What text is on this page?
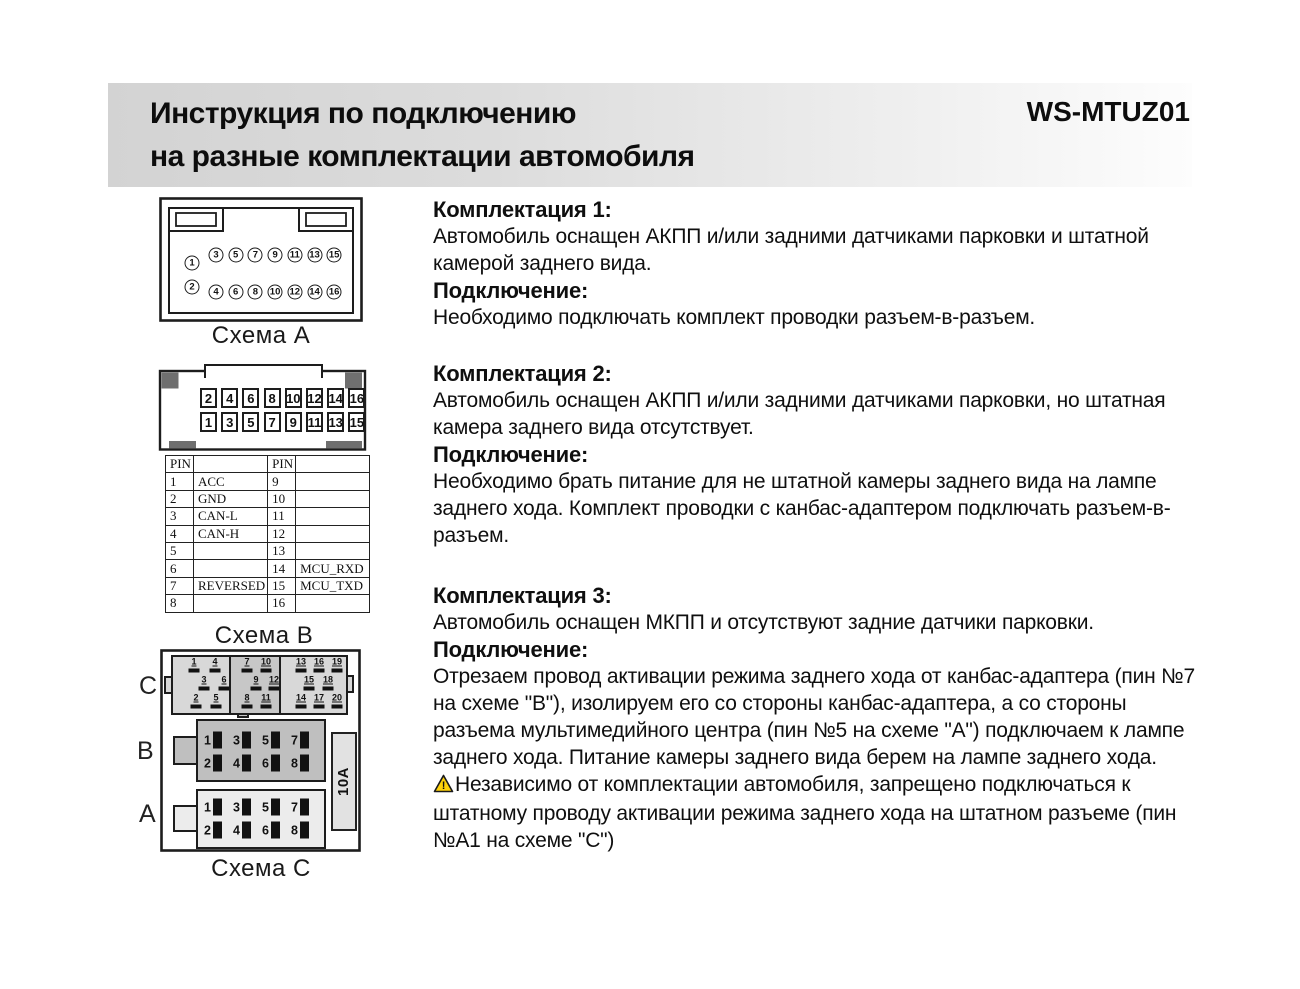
Инструкция по подключению
на разные комплектации автомобиля
WS-MTUZ01
1
2
3	5	7	9	11 13 15
4	6	8	10 12 14 16
Схема A
2	4	6	8 10 12 14 16
1	3	5	7	9 11 13 15
PIN		PIN	
1	ACC	9	
2	GND	10	
3	CAN-L	11	
4	CAN-H	12	
5		13	
6		14	MCU_RXD
7	REVERSED	15	MCU_TXD
8		16	
Схема B
C
B
A
10A
1 4
3 6
2 5
7 10
9 12
8 11
13 16 19
15 18
14 17 20
1 3 5 7
2 4 6 8
1 3 5 7
2 4 6 8
Схема C
Комплектация 1:

Автомобиль оснащен АКПП и/или задними датчиками парковки и штатной камерой заднего вида.

Подключение:

Необходимо подключать комплект проводки разъем-в-разъем.

Комплектация 2:

Автомобиль оснащен АКПП и/или задними датчиками парковки, но штатная камера заднего вида отсутствует.

Подключение:

Необходимо брать питание для не штатной камеры заднего вида на лампе заднего хода. Комплект проводки с канбас-адаптером подключать разъем-в-разъем.

Комплектация 3:

Автомобиль оснащен МКПП и отсутствуют задние датчики парковки.

Подключение:

Отрезаем провод активации режима заднего хода от канбас-адаптера (пин №7 на схеме "B"), изолируем его со стороны канбас-адаптера, а со стороны разъема мультимедийного центра (пин №5 на схеме "A") подключаем к лампе заднего хода. Питание камеры заднего вида берем на лампе заднего хода.

! Независимо от комплектации автомобиля, запрещено подключаться к штатному проводу активации режима заднего хода на штатном разъеме (пин №А1 на схеме "С")
